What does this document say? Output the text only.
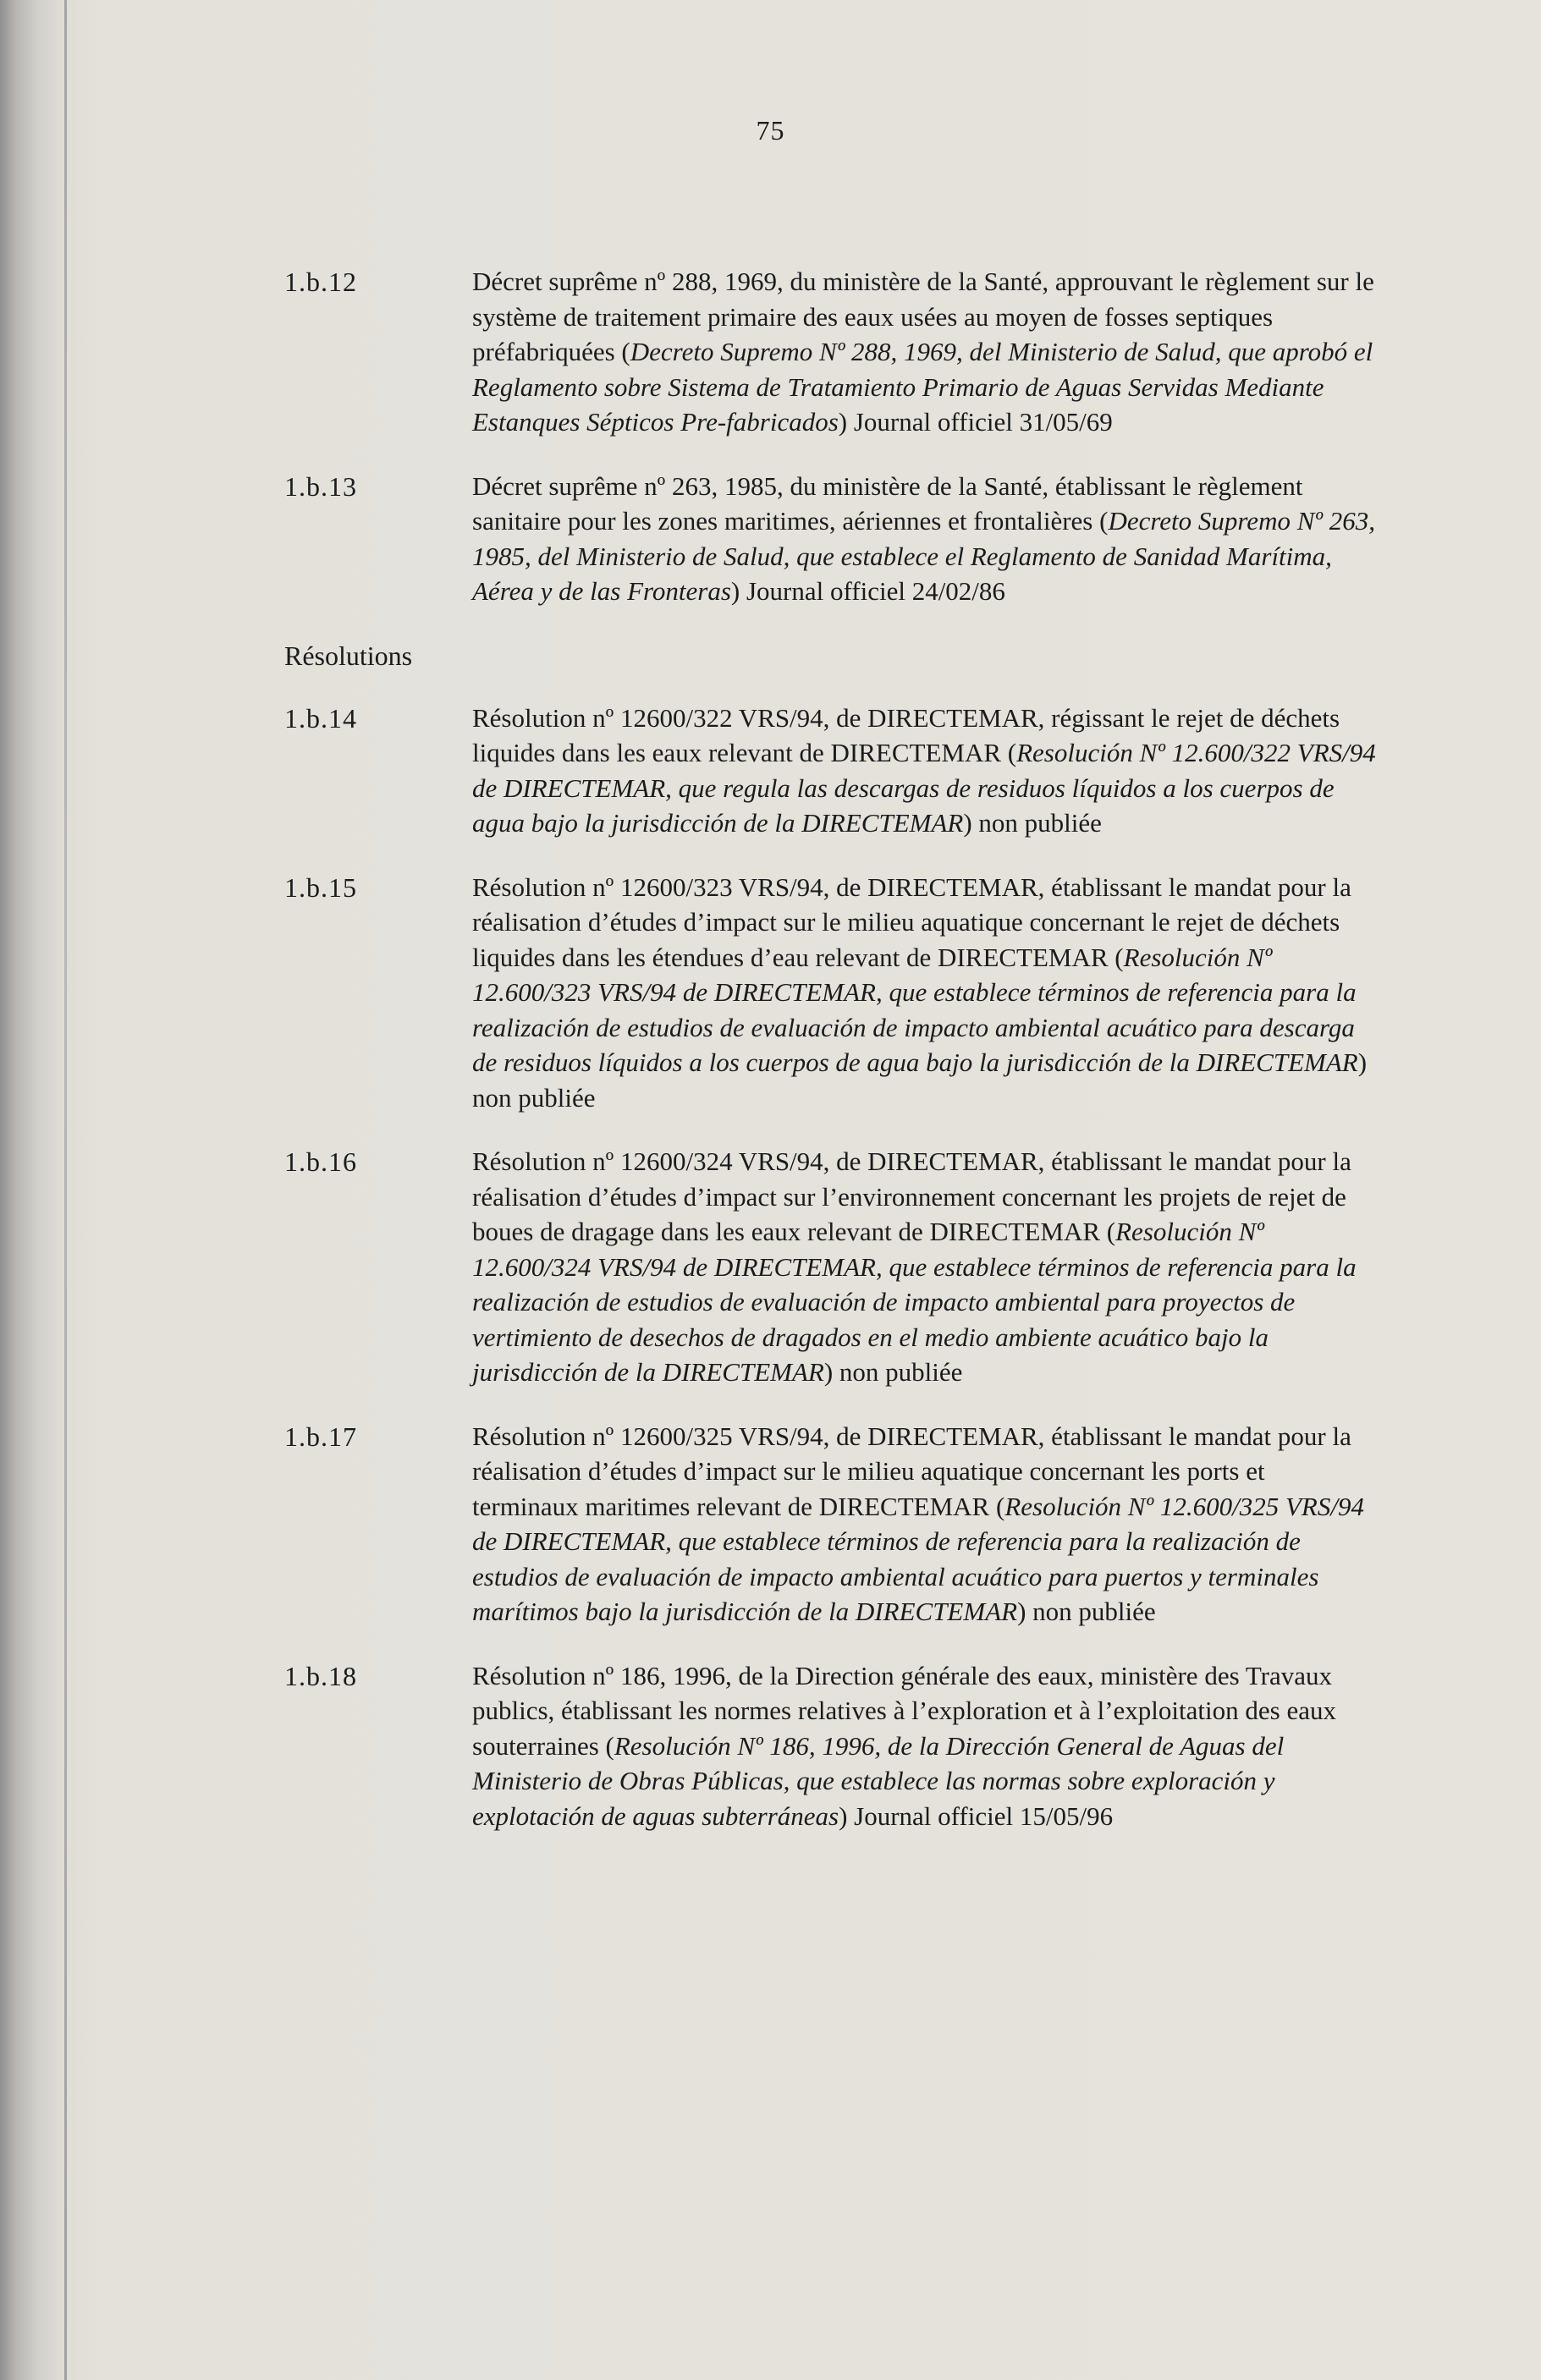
75
1.b.12	Décret suprême nº 288, 1969, du ministère de la Santé, approuvant le règlement sur le système de traitement primaire des eaux usées au moyen de fosses septiques préfabriquées (Decreto Supremo Nº 288, 1969, del Ministerio de Salud, que aprobó el Reglamento sobre Sistema de Tratamiento Primario de Aguas Servidas Mediante Estanques Sépticos Pre-fabricados) Journal officiel 31/05/69
1.b.13	Décret suprême nº 263, 1985, du ministère de la Santé, établissant le règlement sanitaire pour les zones maritimes, aériennes et frontalières (Decreto Supremo Nº 263, 1985, del Ministerio de Salud, que establece el Reglamento de Sanidad Marítima, Aérea y de las Fronteras) Journal officiel 24/02/86
Résolutions
1.b.14	Résolution nº 12600/322 VRS/94, de DIRECTEMAR, régissant le rejet de déchets liquides dans les eaux relevant de DIRECTEMAR (Resolución Nº 12.600/322 VRS/94 de DIRECTEMAR, que regula las descargas de residuos líquidos a los cuerpos de agua bajo la jurisdicción de la DIRECTEMAR) non publiée
1.b.15	Résolution nº 12600/323 VRS/94, de DIRECTEMAR, établissant le mandat pour la réalisation d’études d’impact sur le milieu aquatique concernant le rejet de déchets liquides dans les étendues d’eau relevant de DIRECTEMAR (Resolución Nº 12.600/323 VRS/94 de DIRECTEMAR, que establece términos de referencia para la realización de estudios de evaluación de impacto ambiental acuático para descarga de residuos líquidos a los cuerpos de agua bajo la jurisdicción de la DIRECTEMAR) non publiée
1.b.16	Résolution nº 12600/324 VRS/94, de DIRECTEMAR, établissant le mandat pour la réalisation d’études d’impact sur l’environnement concernant les projets de rejet de boues de dragage dans les eaux relevant de DIRECTEMAR (Resolución Nº 12.600/324 VRS/94 de DIRECTEMAR, que establece términos de referencia para la realización de estudios de evaluación de impacto ambiental para proyectos de vertimiento de desechos de dragados en el medio ambiente acuático bajo la jurisdicción de la DIRECTEMAR) non publiée
1.b.17	Résolution nº 12600/325 VRS/94, de DIRECTEMAR, établissant le mandat pour la réalisation d’études d’impact sur le milieu aquatique concernant les ports et terminaux maritimes relevant de DIRECTEMAR (Resolución Nº 12.600/325 VRS/94 de DIRECTEMAR, que establece términos de referencia para la realización de estudios de evaluación de impacto ambiental acuático para puertos y terminales marítimos bajo la jurisdicción de la DIRECTEMAR) non publiée
1.b.18	Résolution nº 186, 1996, de la Direction générale des eaux, ministère des Travaux publics, établissant les normes relatives à l’exploration et à l’exploitation des eaux souterraines (Resolución Nº 186, 1996, de la Dirección General de Aguas del Ministerio de Obras Públicas, que establece las normas sobre exploración y explotación de aguas subterráneas) Journal officiel 15/05/96
